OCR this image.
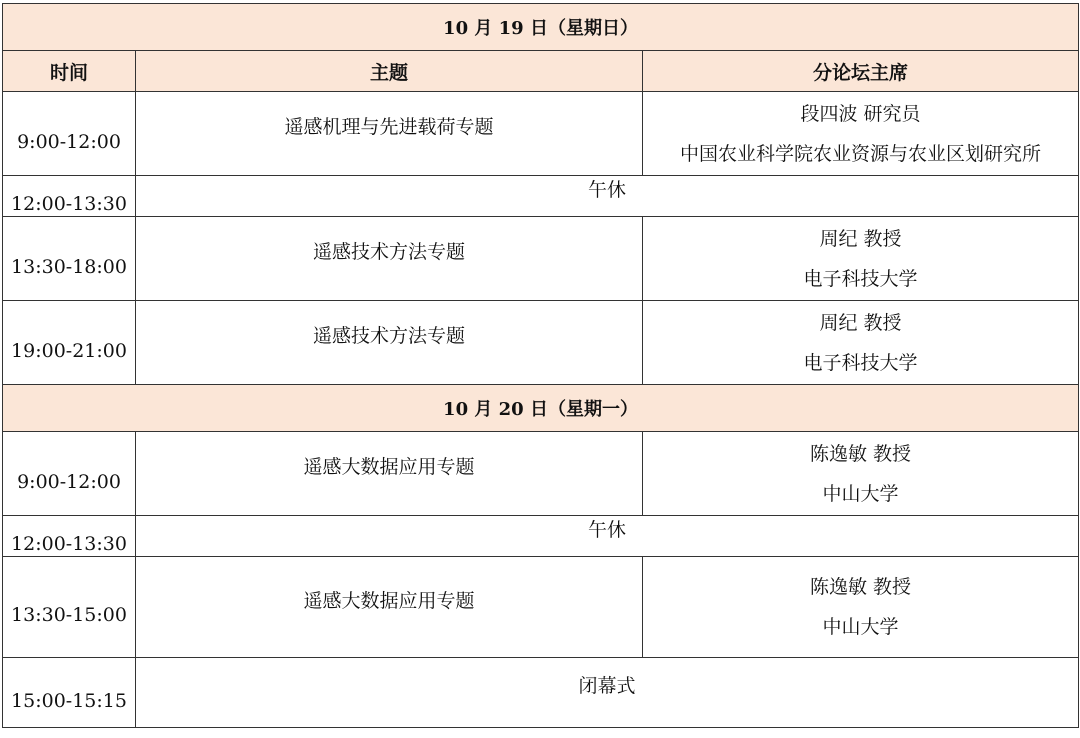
10 月 19 日（星期日）		
时间	主题	分论坛主席
9:00-12:00	遥感机理与先进载荷专题	段四波 研究员
中国农业科学院农业资源与农业区划研究所

12:00-13:30	午休	
13:30-18:00	遥感技术方法专题	周纪 教授
电子科技大学

19:00-21:00	遥感技术方法专题	周纪 教授
电子科技大学

10 月 20 日（星期一）		
9:00-12:00	遥感大数据应用专题	陈逸敏 教授
中山大学

12:00-13:30	午休	
13:30-15:00	遥感大数据应用专题	陈逸敏 教授
中山大学

15:00-15:15	闭幕式	
